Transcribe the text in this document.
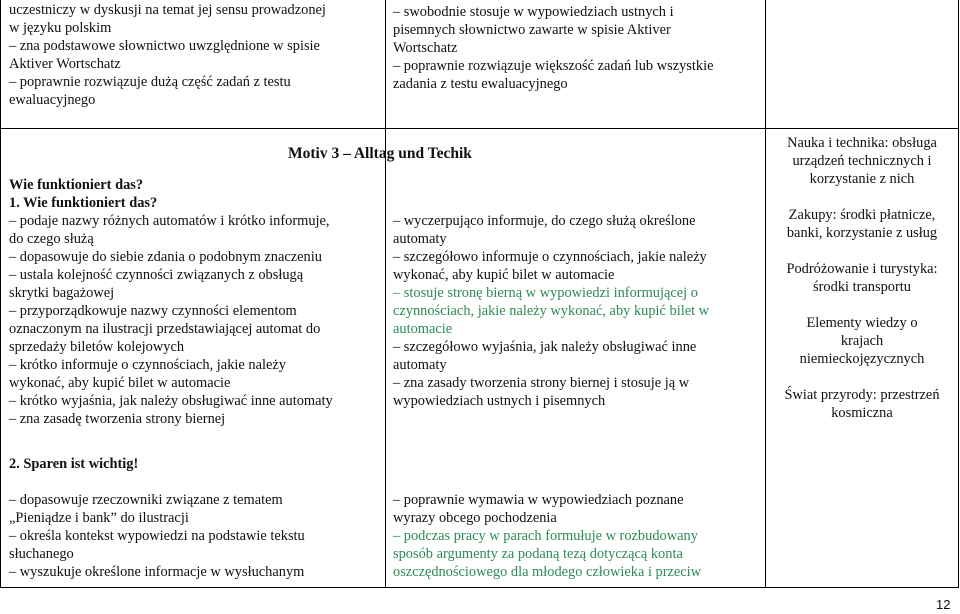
uczestniczy w dyskusji na temat jej sensu prowadzonej
w języku polskim
– zna podstawowe słownictwo uwzględnione w spisie
Aktiver Wortschatz
– poprawnie rozwiązuje dużą część zadań z testu
ewaluacyjnego
– swobodnie stosuje w wypowiedziach ustnych i
pisemnych słownictwo zawarte w spisie Aktiver
Wortschatz
– poprawnie rozwiązuje większość zadań lub wszystkie
zadania z testu ewaluacyjnego
Motiv 3 – Alltag und Techik
Wie funktioniert das?
1. Wie funktioniert das?
– podaje nazwy różnych automatów i krótko informuje,
do czego służą
– dopasowuje do siebie zdania o podobnym znaczeniu
– ustala kolejność czynności związanych z obsługą
skrytki bagażowej
– przyporządkowuje nazwy czynności elementom
oznaczonym na ilustracji przedstawiającej automat do
sprzedaży biletów kolejowych
– krótko informuje o czynnościach, jakie należy
wykonać, aby kupić bilet w automacie
– krótko wyjaśnia, jak należy obsługiwać inne automaty
– zna zasadę tworzenia strony biernej
– wyczerpująco informuje, do czego służą określone
automaty
– szczegółowo informuje o czynnościach, jakie należy
wykonać, aby kupić bilet w automacie
– stosuje stronę bierną w wypowiedzi informującej o
czynnościach, jakie należy wykonać, aby kupić bilet w
automacie
– szczegółowo wyjaśnia, jak należy obsługiwać inne
automaty
– zna zasady tworzenia strony biernej i stosuje ją w
wypowiedziach ustnych i pisemnych
Nauka i technika: obsługa
urządzeń technicznych i
korzystanie z nich
Zakupy: środki płatnicze,
banki, korzystanie z usług
Podróżowanie i turystyka:
środki transportu
Elementy wiedzy o
krajach
niemieckojęzycznych
Świat przyrody: przestrzeń
kosmiczna
2. Sparen ist wichtig!
– dopasowuje rzeczowniki związane z tematem
„Pieniądze i bank” do ilustracji
– określa kontekst wypowiedzi na podstawie tekstu
słuchanego
– wyszukuje określone informacje w wysłuchanym
– poprawnie wymawia w wypowiedziach poznane
wyrazy obcego pochodzenia
– podczas pracy w parach formułuje w rozbudowany
sposób argumenty za podaną tezą dotyczącą konta
oszczędnościowego dla młodego człowieka i przeciw
12
